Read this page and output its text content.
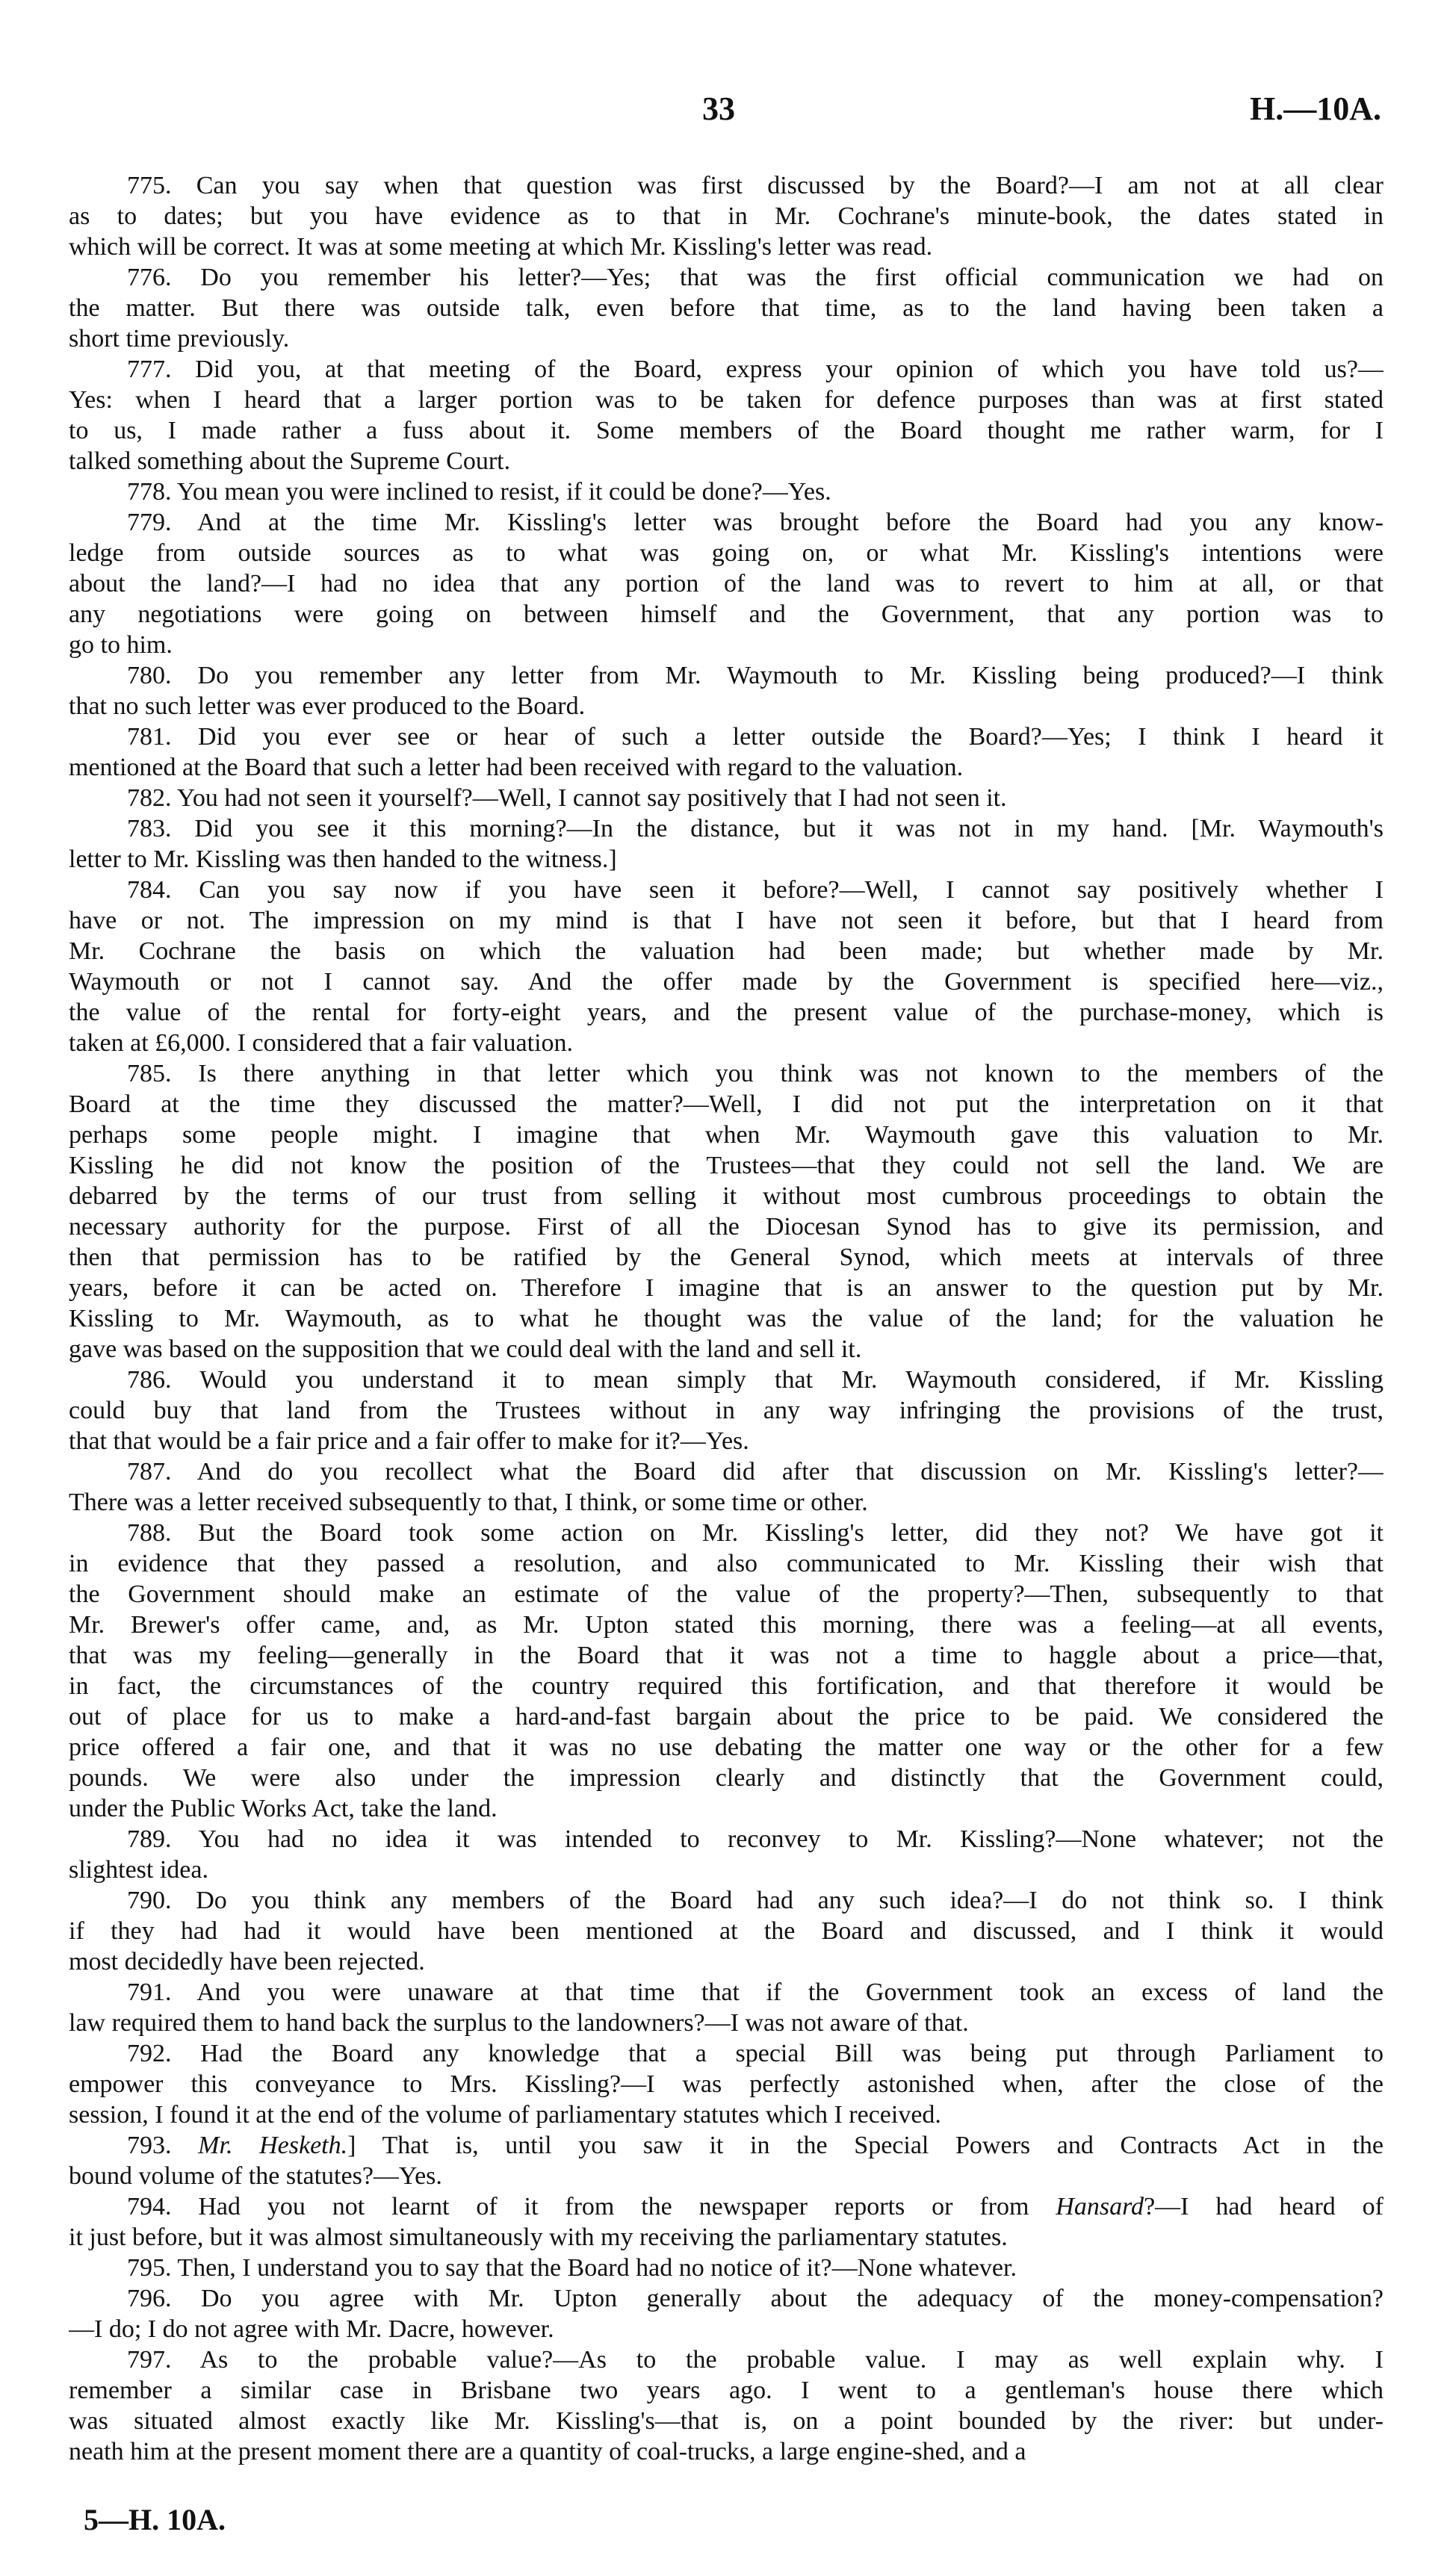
33	H.—10A.
775. Can you say when that question was first discussed by the Board?—I am not at all clear
as to dates; but you have evidence as to that in Mr. Cochrane's minute-book, the dates stated in
which will be correct. It was at some meeting at which Mr. Kissling's letter was read.
776. Do you remember his letter?—Yes; that was the first official communication we had on
the matter. But there was outside talk, even before that time, as to the land having been taken a
short time previously.
777. Did you, at that meeting of the Board, express your opinion of which you have told us?—
Yes: when I heard that a larger portion was to be taken for defence purposes than was at first stated
to us, I made rather a fuss about it. Some members of the Board thought me rather warm, for I
talked something about the Supreme Court.
778. You mean you were inclined to resist, if it could be done?—Yes.
779. And at the time Mr. Kissling's letter was brought before the Board had you any know-
ledge from outside sources as to what was going on, or what Mr. Kissling's intentions were
about the land?—I had no idea that any portion of the land was to revert to him at all, or that
any negotiations were going on between himself and the Government, that any portion was to
go to him.
780. Do you remember any letter from Mr. Waymouth to Mr. Kissling being produced?—I think
that no such letter was ever produced to the Board.
781. Did you ever see or hear of such a letter outside the Board?—Yes; I think I heard it
mentioned at the Board that such a letter had been received with regard to the valuation.
782. You had not seen it yourself?—Well, I cannot say positively that I had not seen it.
783. Did you see it this morning?—In the distance, but it was not in my hand. [Mr. Waymouth's
letter to Mr. Kissling was then handed to the witness.]
784. Can you say now if you have seen it before?—Well, I cannot say positively whether I
have or not. The impression on my mind is that I have not seen it before, but that I heard from
Mr. Cochrane the basis on which the valuation had been made; but whether made by Mr.
Waymouth or not I cannot say. And the offer made by the Government is specified here—viz.,
the value of the rental for forty-eight years, and the present value of the purchase-money, which is
taken at £6,000. I considered that a fair valuation.
785. Is there anything in that letter which you think was not known to the members of the
Board at the time they discussed the matter?—Well, I did not put the interpretation on it that
perhaps some people might. I imagine that when Mr. Waymouth gave this valuation to Mr.
Kissling he did not know the position of the Trustees—that they could not sell the land. We are
debarred by the terms of our trust from selling it without most cumbrous proceedings to obtain the
necessary authority for the purpose. First of all the Diocesan Synod has to give its permission, and
then that permission has to be ratified by the General Synod, which meets at intervals of three
years, before it can be acted on. Therefore I imagine that is an answer to the question put by Mr.
Kissling to Mr. Waymouth, as to what he thought was the value of the land; for the valuation he
gave was based on the supposition that we could deal with the land and sell it.
786. Would you understand it to mean simply that Mr. Waymouth considered, if Mr. Kissling
could buy that land from the Trustees without in any way infringing the provisions of the trust,
that that would be a fair price and a fair offer to make for it?—Yes.
787. And do you recollect what the Board did after that discussion on Mr. Kissling's letter?—
There was a letter received subsequently to that, I think, or some time or other.
788. But the Board took some action on Mr. Kissling's letter, did they not? We have got it
in evidence that they passed a resolution, and also communicated to Mr. Kissling their wish that
the Government should make an estimate of the value of the property?—Then, subsequently to that
Mr. Brewer's offer came, and, as Mr. Upton stated this morning, there was a feeling—at all events,
that was my feeling—generally in the Board that it was not a time to haggle about a price—that,
in fact, the circumstances of the country required this fortification, and that therefore it would be
out of place for us to make a hard-and-fast bargain about the price to be paid. We considered the
price offered a fair one, and that it was no use debating the matter one way or the other for a few
pounds. We were also under the impression clearly and distinctly that the Government could,
under the Public Works Act, take the land.
789. You had no idea it was intended to reconvey to Mr. Kissling?—None whatever; not the
slightest idea.
790. Do you think any members of the Board had any such idea?—I do not think so. I think
if they had had it would have been mentioned at the Board and discussed, and I think it would
most decidedly have been rejected.
791. And you were unaware at that time that if the Government took an excess of land the
law required them to hand back the surplus to the landowners?—I was not aware of that.
792. Had the Board any knowledge that a special Bill was being put through Parliament to
empower this conveyance to Mrs. Kissling?—I was perfectly astonished when, after the close of the
session, I found it at the end of the volume of parliamentary statutes which I received.
793. Mr. Hesketh.] That is, until you saw it in the Special Powers and Contracts Act in the
bound volume of the statutes?—Yes.
794. Had you not learnt of it from the newspaper reports or from Hansard?—I had heard of
it just before, but it was almost simultaneously with my receiving the parliamentary statutes.
795. Then, I understand you to say that the Board had no notice of it?—None whatever.
796. Do you agree with Mr. Upton generally about the adequacy of the money-compensation?
—I do; I do not agree with Mr. Dacre, however.
797. As to the probable value?—As to the probable value. I may as well explain why. I
remember a similar case in Brisbane two years ago. I went to a gentleman's house there which
was situated almost exactly like Mr. Kissling's—that is, on a point bounded by the river: but under-
neath him at the present moment there are a quantity of coal-trucks, a large engine-shed, and a
5—H. 10A.
